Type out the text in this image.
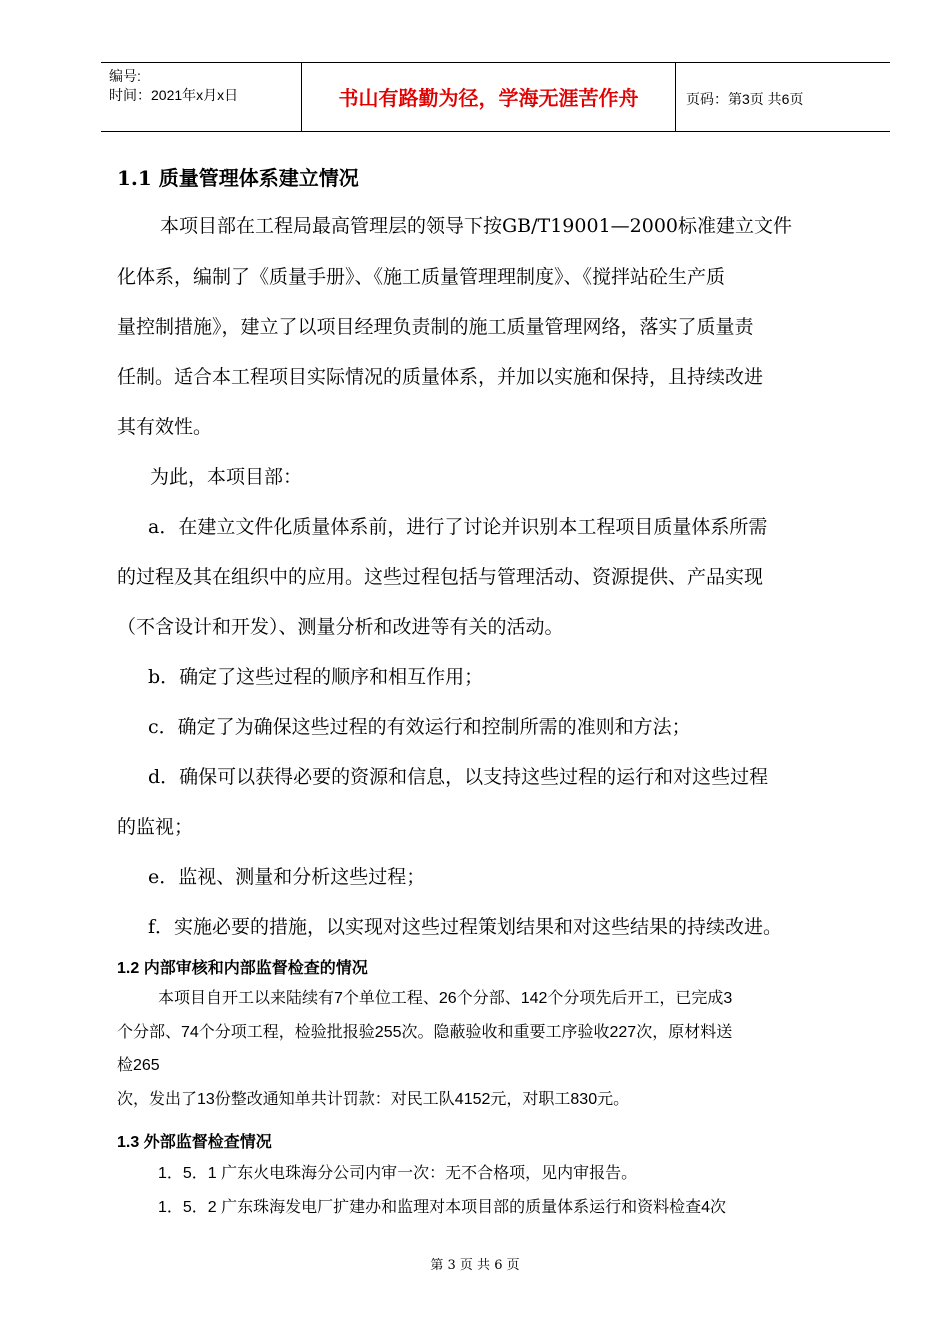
编号:
时间：2021年x月x日	书山有路勤为径，学海无涯苦作舟	页码：第3页 共6页
1.1 质量管理体系建立情况
本项目部在工程局最高管理层的领导下按GB/T19001—2000标准建立文件
化体系，编制了《质量手册》、《施工质量管理理制度》、《搅拌站砼生产质
量控制措施》，建立了以项目经理负责制的施工质量管理网络，落实了质量责
任制。适合本工程项目实际情况的质量体系，并加以实施和保持，且持续改进
其有效性。
为此，本项目部：
a．在建立文件化质量体系前，进行了讨论并识别本工程项目质量体系所需
的过程及其在组织中的应用。这些过程包括与管理活动、资源提供、产品实现
（不含设计和开发）、测量分析和改进等有关的活动。
b．确定了这些过程的顺序和相互作用；
c．确定了为确保这些过程的有效运行和控制所需的准则和方法；
d．确保可以获得必要的资源和信息，以支持这些过程的运行和对这些过程
的监视；
e．监视、测量和分析这些过程；
f．实施必要的措施，以实现对这些过程策划结果和对这些结果的持续改进。
1.2 内部审核和内部监督检查的情况
本项目自开工以来陆续有7个单位工程、26个分部、142个分项先后开工，已完成3
个分部、74个分项工程，检验批报验255次。隐蔽验收和重要工序验收227次，原材料送
检265
次，发出了13份整改通知单共计罚款：对民工队4152元，对职工830元。
1.3 外部监督检查情况
1．5．1 广东火电珠海分公司内审一次：无不合格项，见内审报告。
1．5．2 广东珠海发电厂扩建办和监理对本项目部的质量体系运行和资料检查4次
第 3 页 共 6 页
